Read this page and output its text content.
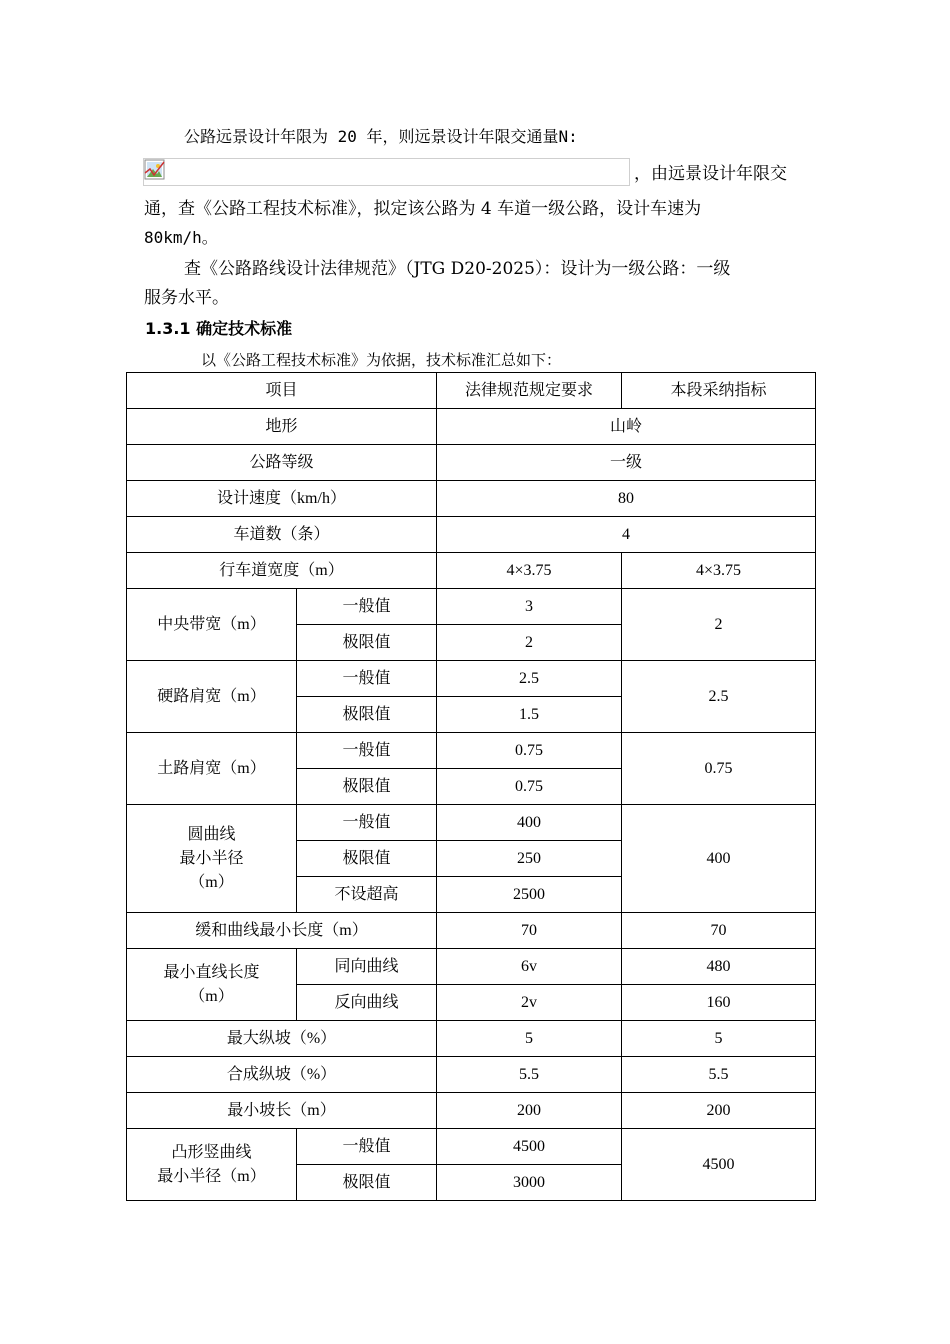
公路远景设计年限为 20 年，则远景设计年限交通量N:
，由远景设计年限交
通，查《公路工程技术标准》，拟定该公路为 4 车道一级公路，设计车速为
80km/h。
查《公路路线设计法律规范》（JTG D20-2025）：设计为一级公路：一级
服务水平。
1.3.1 确定技术标准
以《公路工程技术标准》为依据，技术标准汇总如下：
项目		法律规范规定要求	本段采纳指标
地形		山岭	
公路等级		一级	
设计速度（km/h）		80	
车道数（条）		4	
行车道宽度（m）		4×3.75	4×3.75
中央带宽（m）	一般值	3	2
	极限值	2	
硬路肩宽（m）	一般值	2.5	2.5
	极限值	1.5	
土路肩宽（m）	一般值	0.75	0.75
	极限值	0.75	

圆曲线
最小半径
（m）	一般值	400	400
	极限值	250	
	不设超高	2500	
缓和曲线最小长度（m）		70	70

最小直线长度
（m）	同向曲线	6v	480
	反向曲线	2v	160
最大纵坡（%）		5	5
合成纵坡（%）		5.5	5.5
最小坡长（m）		200	200

凸形竖曲线
最小半径（m）	一般值	4500	4500
	极限值	3000	
